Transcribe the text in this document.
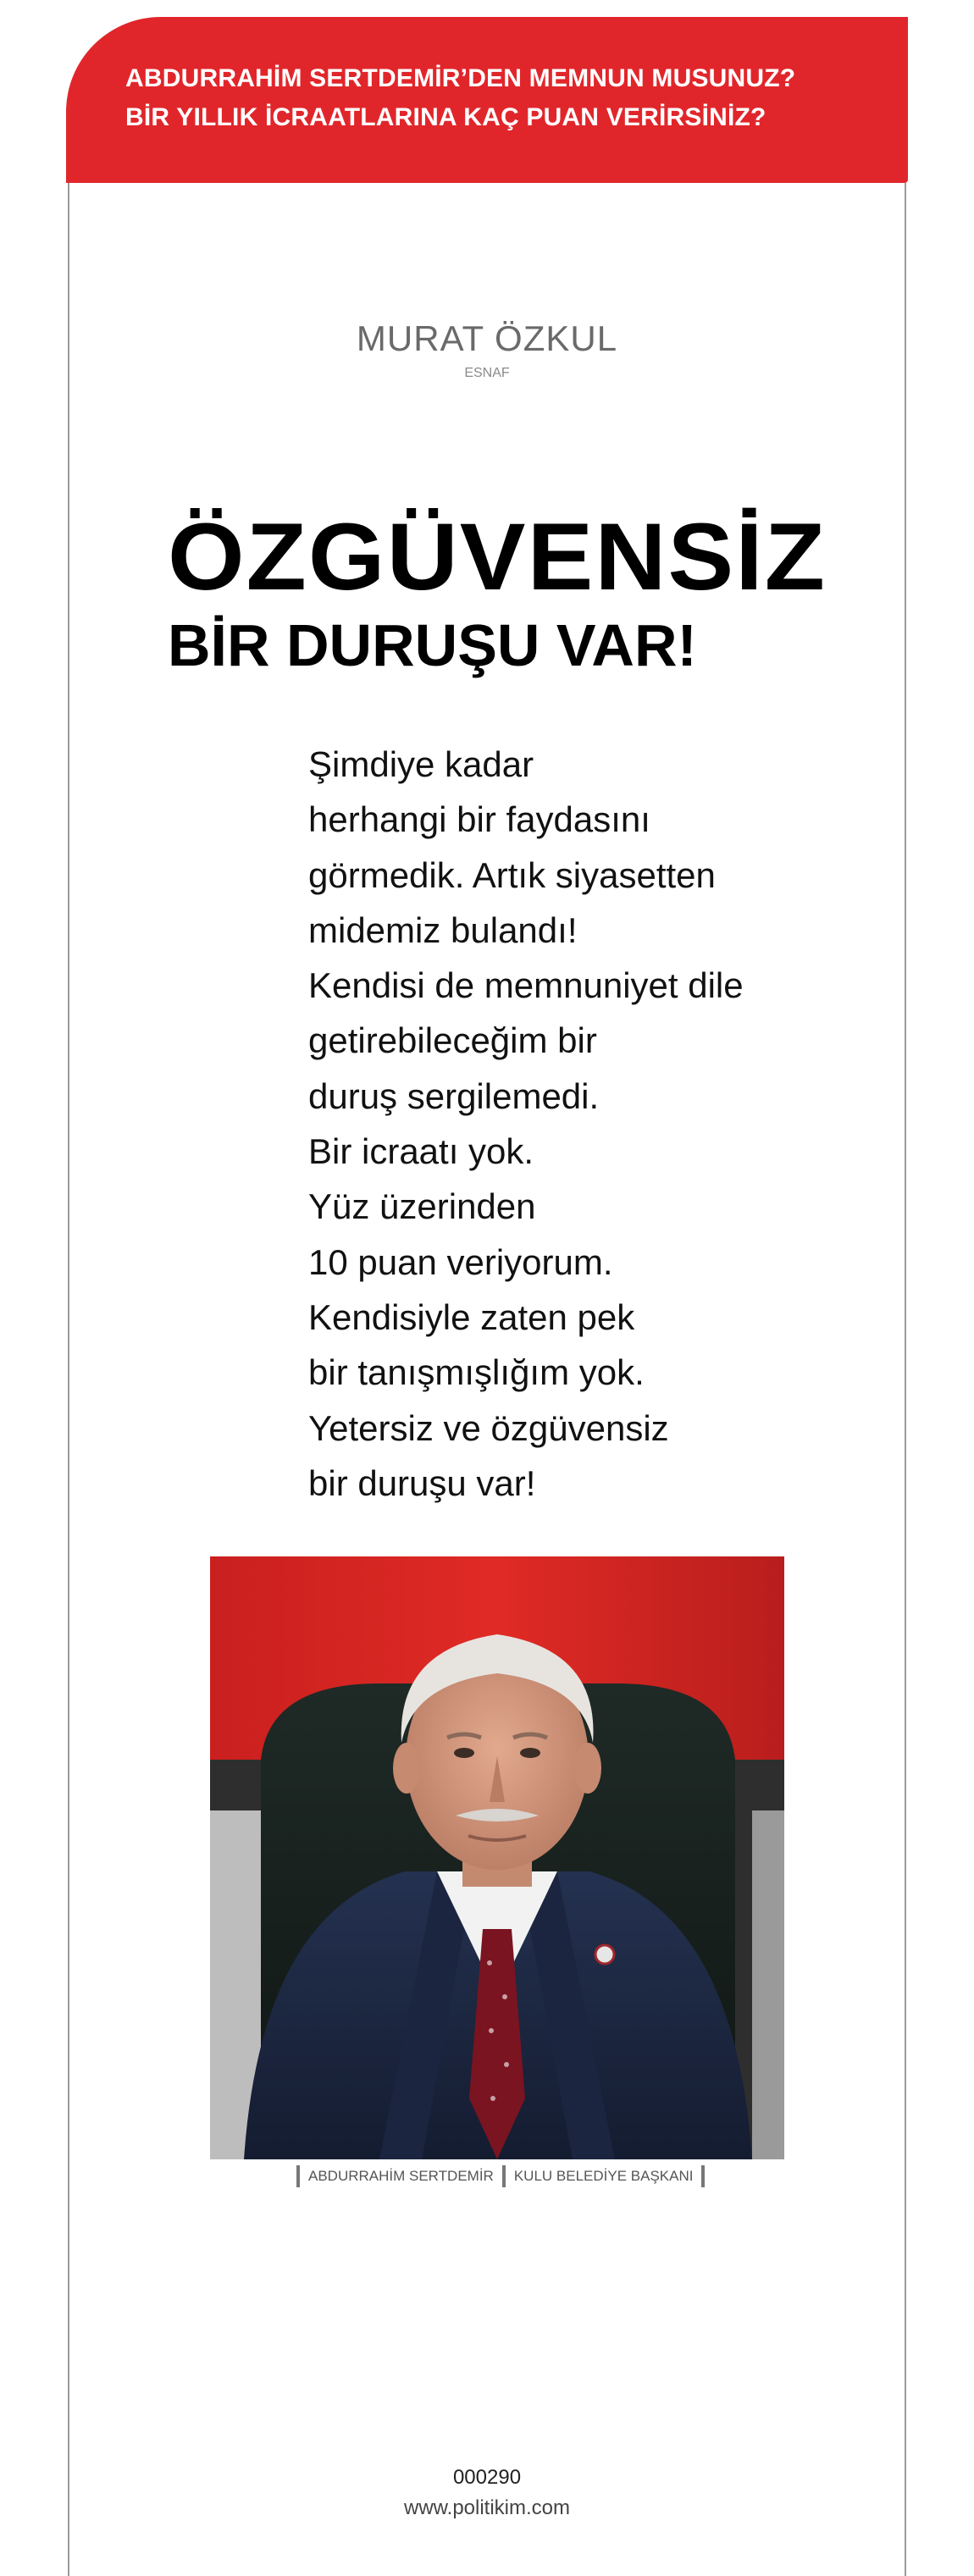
ABDURRAHİM SERTDEMİR’DEN MEMNUN MUSUNUZ?
BİR YILLIK İCRAATLARINA KAÇ PUAN VERİRSİNİZ?
MURAT ÖZKUL
ESNAF
ÖZGÜVENSİZ
BİR DURUŞU VAR!
Şimdiye kadar
herhangi bir faydasını
görmedik. Artık siyasetten
midemiz bulandı!
Kendisi de memnuniyet dile
getirebileceğim bir
duruş sergilemedi.
Bir icraatı yok.
Yüz üzerinden
10 puan veriyorum.
Kendisiyle zaten pek
bir tanışmışlığım yok.
Yetersiz ve özgüvensiz
bir duruşu var!
ABDURRAHİM SERTDEMİR KULU BELEDİYE BAŞKANI
000290
www.politikim.com
